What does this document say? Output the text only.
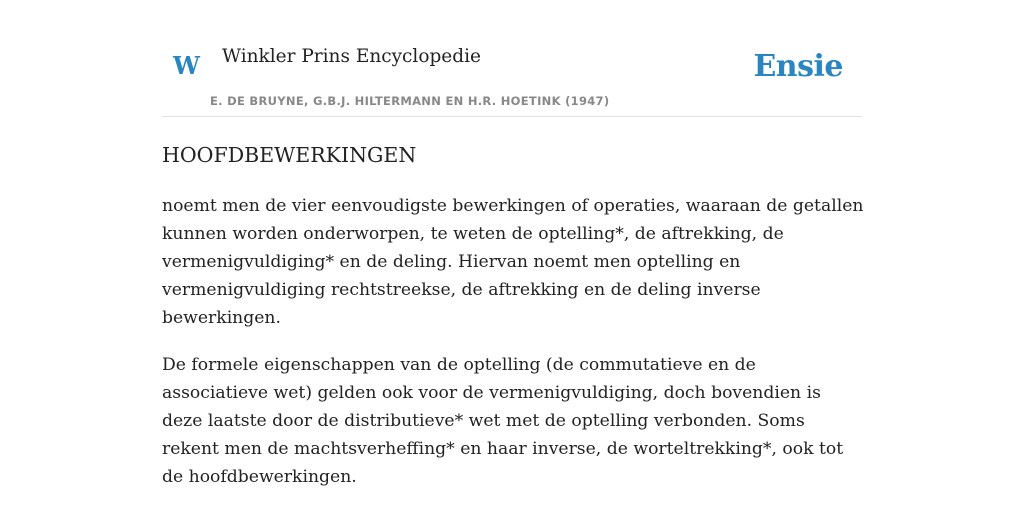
W Winkler Prins Encyclopedie	Ensie
E. DE BRUYNE, G.B.J. HILTERMANN EN H.R. HOETINK (1947)
HOOFDBEWERKINGEN

noemt men de vier eenvoudigste bewerkingen of operaties, waaraan de getallen kunnen worden onderworpen, te weten de optelling*, de aftrekking, de vermenigvuldiging* en de deling. Hiervan noemt men optelling en vermenigvuldiging rechtstreekse, de aftrekking en de deling inverse bewerkingen.

De formele eigenschappen van de optelling (de commutatieve en de associatieve wet) gelden ook voor de vermenigvuldiging, doch bovendien is deze laatste door de distributieve* wet met de optelling verbonden. Soms rekent men de machtsverheffing* en haar inverse, de worteltrekking*, ook tot de hoofdbewerkingen.
